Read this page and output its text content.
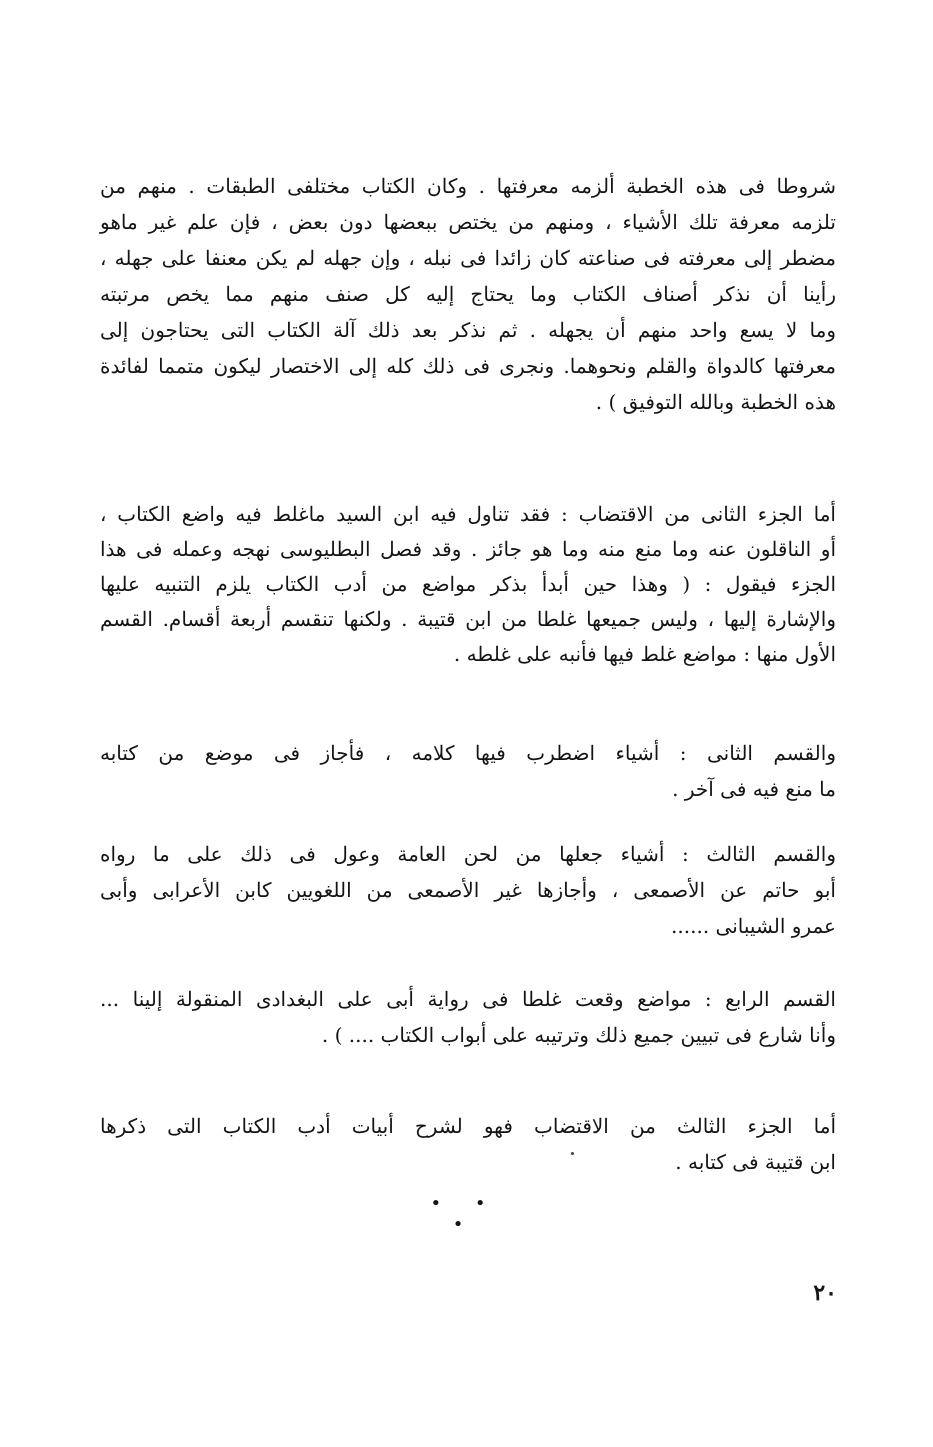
شروطا فى هذه الخطبة ألزمه معرفتها . وكان الكتاب مختلفى الطبقات . منهم من
تلزمه معرفة تلك الأشياء ، ومنهم من يختص ببعضها دون بعض ، فإن علم غير ماهو
مضطر إلى معرفته فى صناعته كان زائدا فى نبله ، وإن جهله لم يكن معنفا على جهله ،
رأينا أن نذكر أصناف الكتاب وما يحتاج إليه كل صنف منهم مما يخص مرتبته
وما لا يسع واحد منهم أن يجهله . ثم نذكر بعد ذلك آلة الكتاب التى يحتاجون إلى
معرفتها كالدواة والقلم ونحوهما. ونجرى فى ذلك كله إلى الاختصار ليكون متمما لفائدة
هذه الخطبة وبالله التوفيق ) .
أما الجزء الثانى من الاقتضاب : فقد تناول فيه ابن السيد ماغلط فيه واضع الكتاب ،
أو الناقلون عنه وما منع منه وما هو جائز . وقد فصل البطليوسى نهجه وعمله فى هذا
الجزء فيقول : ( وهذا حين أبدأ بذكر مواضع من أدب الكتاب يلزم التنبيه عليها
والإشارة إليها ، وليس جميعها غلطا من ابن قتيبة . ولكنها تنقسم أربعة أقسام. القسم
الأول منها : مواضع غلط فيها فأنبه على غلطه .
والقسم الثانى : أشياء اضطرب فيها كلامه ، فأجاز فى موضع من كتابه
ما منع فيه فى آخر .
والقسم الثالث : أشياء جعلها من لحن العامة وعول فى ذلك على ما رواه
أبو حاتم عن الأصمعى ، وأجازها غير الأصمعى من اللغويين كابن الأعرابى وأبى
عمرو الشيبانى ......
القسم الرابع : مواضع وقعت غلطا فى رواية أبى على البغدادى المنقولة إلينا ...
وأنا شارع فى تبيين جميع ذلك وترتيبه على أبواب الكتاب .... ) .
أما الجزء الثالث من الاقتضاب فهو لشرح أبيات أدب الكتاب التى ذكرها
ابن قتيبة فى كتابه .
• • •
٢٠
